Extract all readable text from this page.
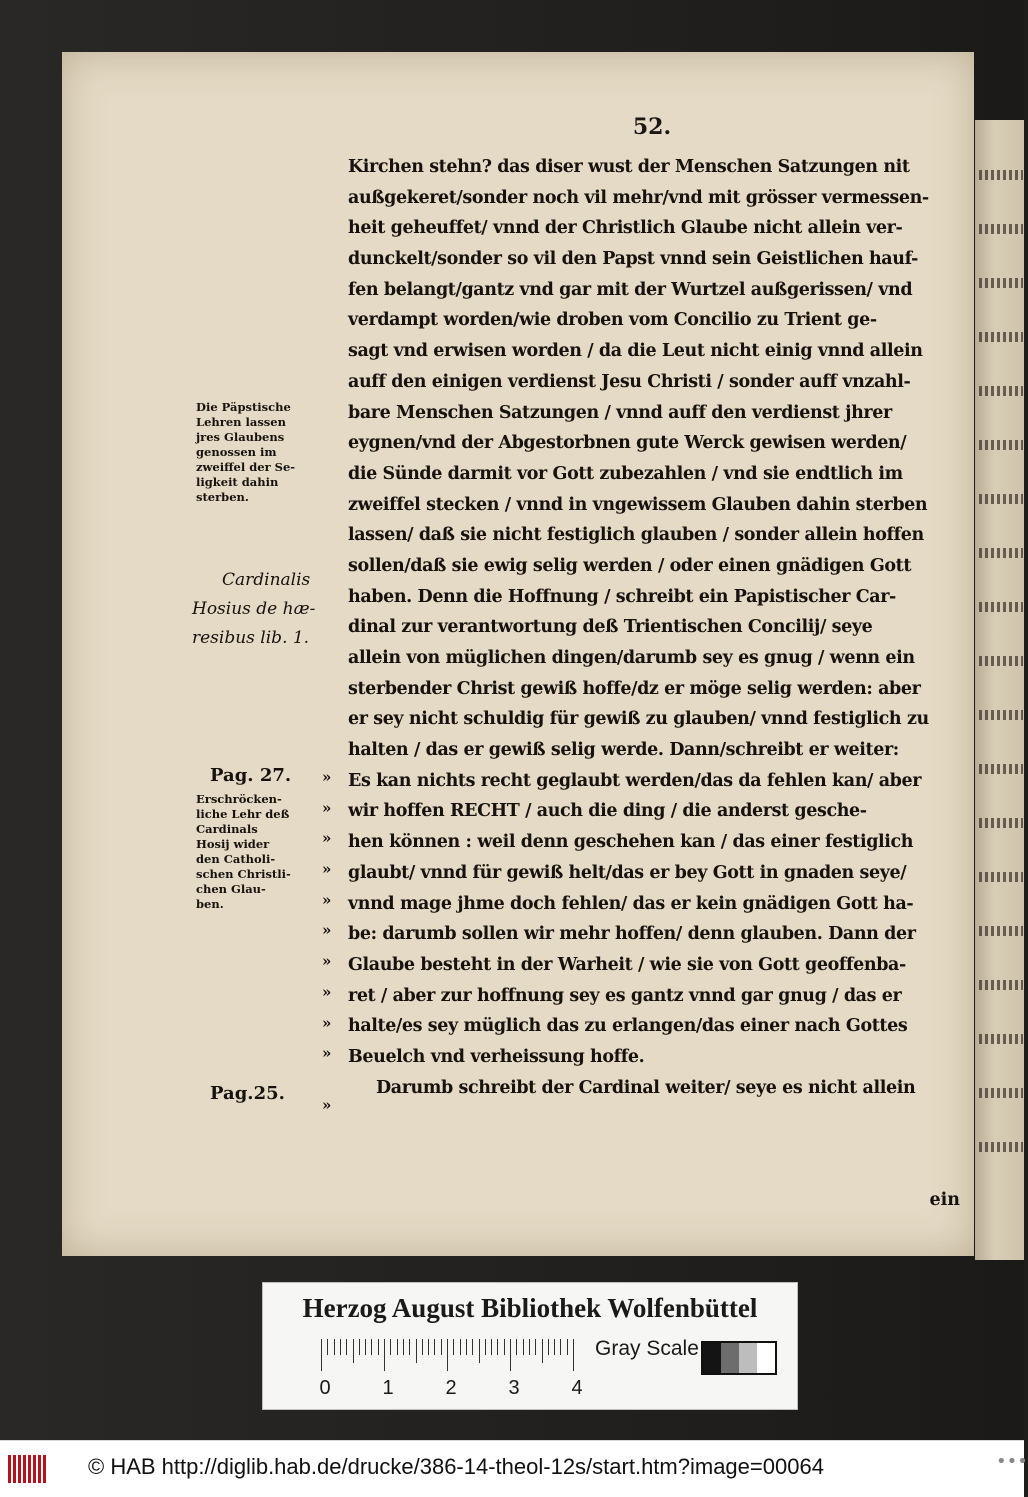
52.
Kirchen stehn? das diser wust der Menschen Satzungen nit
außgekeret/sonder noch vil mehr/vnd mit grösser vermessen-
heit geheuffet/ vnnd der Christlich Glaube nicht allein ver-
dunckelt/sonder so vil den Papst vnnd sein Geistlichen hauf-
fen belangt/gantz vnd gar mit der Wurtzel außgerissen/ vnd
verdampt worden/wie droben vom Concilio zu Trient ge-
sagt vnd erwisen worden / da die Leut nicht einig vnnd allein
auff den einigen verdienst Jesu Christi / sonder auff vnzahl-
bare Menschen Satzungen / vnnd auff den verdienst jhrer
eygnen/vnd der Abgestorbnen gute Werck gewisen werden/
die Sünde darmit vor Gott zubezahlen / vnd sie endtlich im
zweiffel stecken / vnnd in vngewissem Glauben dahin sterben
lassen/ daß sie nicht festiglich glauben / sonder allein hoffen
sollen/daß sie ewig selig werden / oder einen gnädigen Gott
haben. Denn die Hoffnung / schreibt ein Papistischer Car-
dinal zur verantwortung deß Trientischen Concilij/ seye
allein von müglichen dingen/darumb sey es gnug / wenn ein
sterbender Christ gewiß hoffe/dz er möge selig werden: aber
er sey nicht schuldig für gewiß zu glauben/ vnnd festiglich zu
halten / das er gewiß selig werde. Dann/schreibt er weiter:
Es kan nichts recht geglaubt werden/das da fehlen kan/ aber
wir hoffen RECHT / auch die ding / die anderst gesche-
hen können : weil denn geschehen kan / das einer festiglich
glaubt/ vnnd für gewiß helt/das er bey Gott in gnaden seye/
vnnd mage jhme doch fehlen/ das er kein gnädigen Gott ha-
be: darumb sollen wir mehr hoffen/ denn glauben. Dann der
Glaube besteht in der Warheit / wie sie von Gott geoffenba-
ret / aber zur hoffnung sey es gantz vnnd gar gnug / das er
halte/es sey müglich das zu erlangen/das einer nach Gottes
Beuelch vnd verheissung hoffe.
Darumb schreibt der Cardinal weiter/ seye es nicht allein
ein
Die Päpstische
Lehren lassen
jres Glaubens
genossen im
zweiffel der Se-
ligkeit dahin
sterben.
Cardinalis
Hosius de hæ-
resibus lib. 1.
Pag. 27.
Erschröcken-
liche Lehr deß
Cardinals
Hosij wider
den Catholi-
schen Christli-
chen Glau-
ben.
Pag.25.
»
»
»
»
»
»
»
»
»
»
»
Herzog August Bibliothek Wolfenbüttel
0	1	2	3	4
Gray Scale
© HAB http://diglib.hab.de/drucke/386-14-theol-12s/start.htm?image=00064	•••
